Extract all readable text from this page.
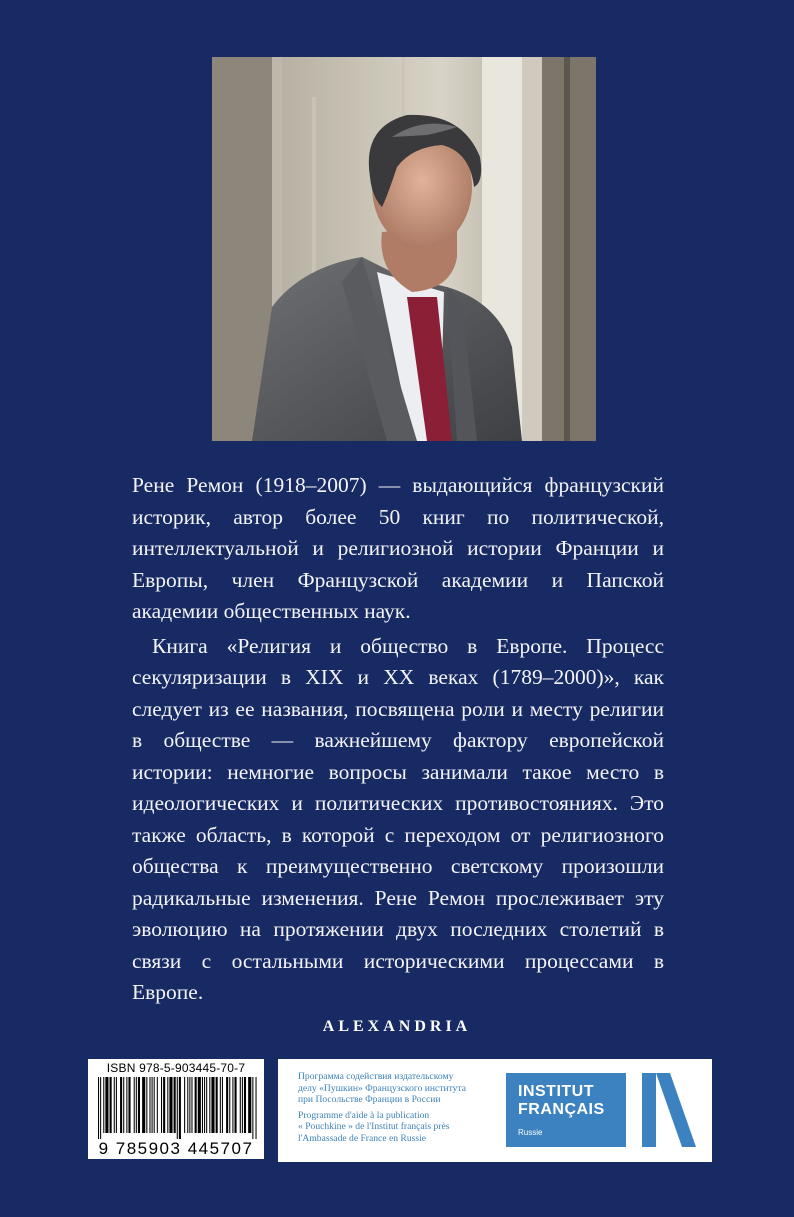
Рене Ремон (1918–2007) — выдающийся французский историк, автор более 50 книг по политической, интеллектуальной и религиозной истории Франции и Европы, член Французской академии и Папской академии общественных наук.

Книга «Религия и общество в Европе. Процесс секуляризации в XIX и XX веках (1789–2000)», как следует из ее названия, посвящена роли и месту религии в обществе — важнейшему фактору европейской истории: немногие вопросы занимали такое место в идеологических и политических противостояниях. Это также область, в которой с переходом от религиозного общества к преимущественно светскому произошли радикальные изменения. Рене Ремон прослеживает эту эволюцию на протяжении двух последних столетий в связи с остальными историческими процессами в Европе.

ALEXANDRIA
ISBN 978-5-903445-70-7
9 785903 445707
Программа содействия издательскому
делу «Пушкин» Французского института
при Посольстве Франции в России
Programme d'aide à la publication
« Pouchkine » de l'Institut français près
l'Ambassade de France en Russie
INSTITUT
FRANÇAIS
Russie
